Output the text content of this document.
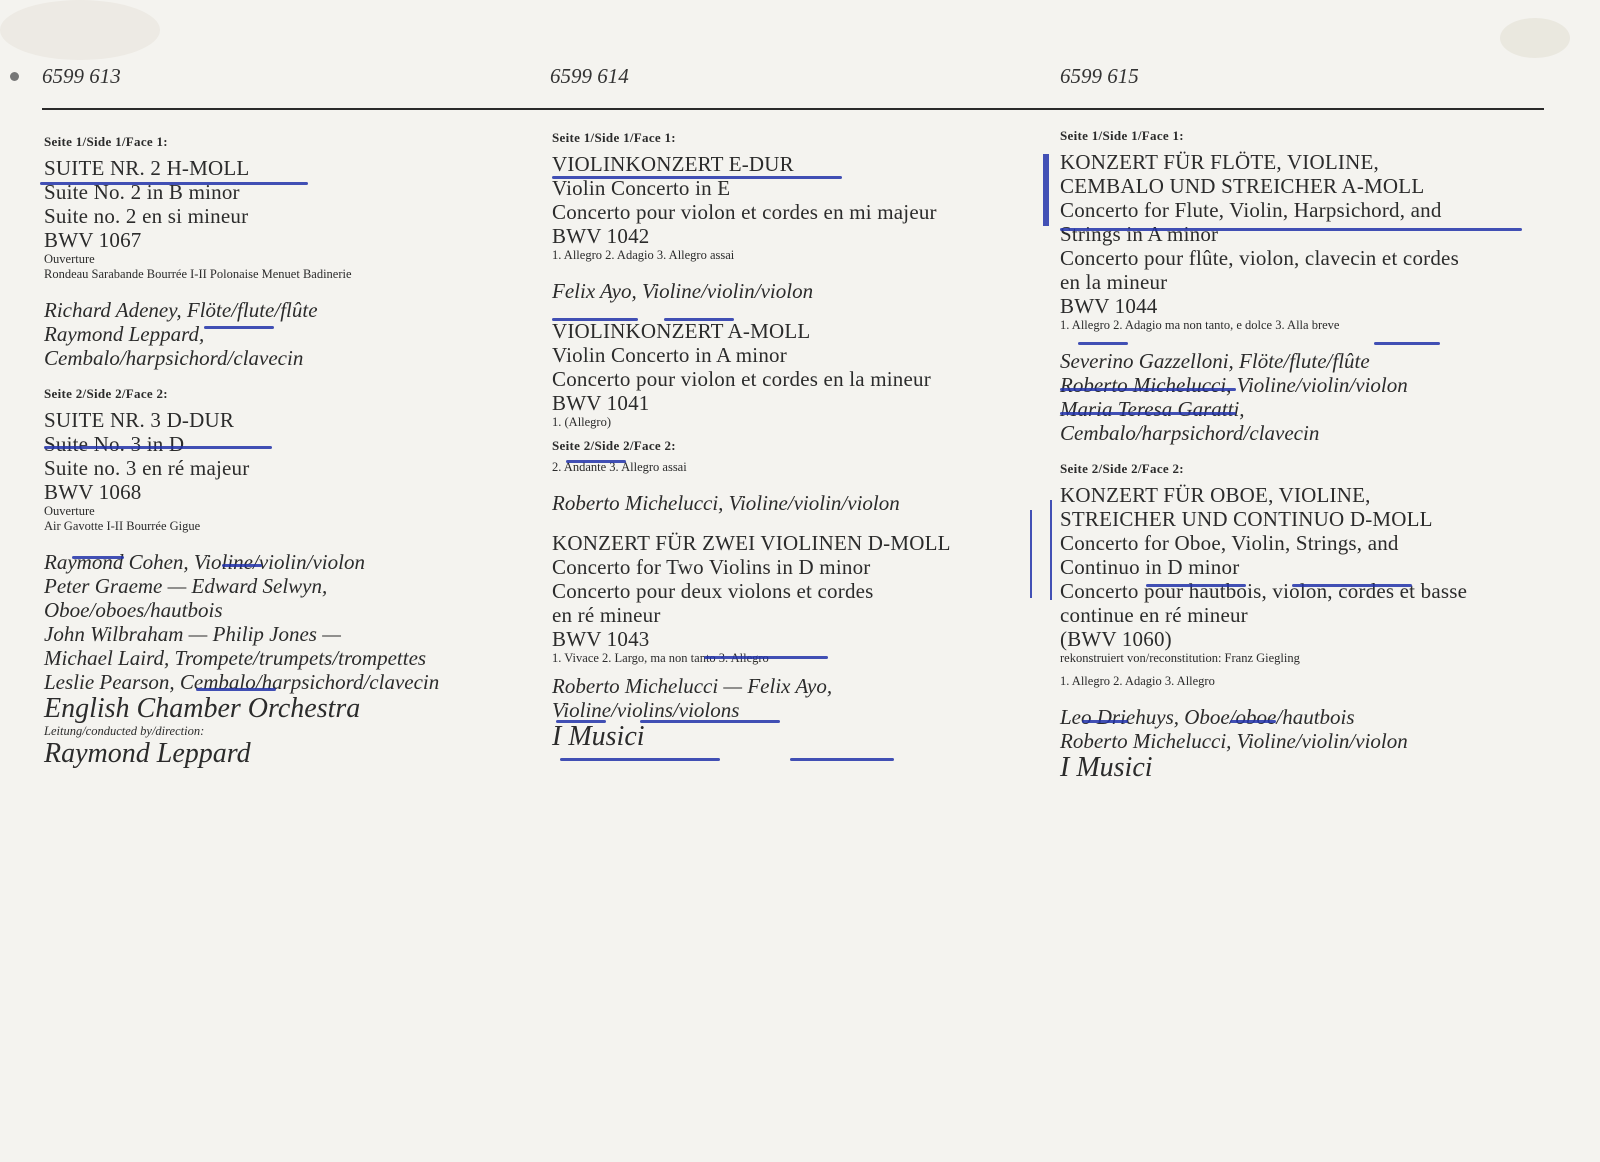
6599 613	6599 614	6599 615
Seite 1/Side 1/Face 1:
SUITE NR. 2 H-MOLL
Suite No. 2 in B minor
Suite no. 2 en si mineur
BWV 1067
Ouverture
Rondeau Sarabande Bourrée I-II Polonaise Menuet Badinerie
Richard Adeney, Flöte/flute/flûte
Raymond Leppard,
Cembalo/harpsichord/clavecin
Seite 2/Side 2/Face 2:
SUITE NR. 3 D-DUR
Suite No. 3 in D
Suite no. 3 en ré majeur
BWV 1068
Ouverture
Air Gavotte I-II Bourrée Gigue
Raymond Cohen, Violine/violin/violon
Peter Graeme — Edward Selwyn,
Oboe/oboes/hautbois
John Wilbraham — Philip Jones —
Michael Laird, Trompete/trumpets/trompettes
Leslie Pearson, Cembalo/harpsichord/clavecin
English Chamber Orchestra
Leitung/conducted by/direction:
Raymond Leppard
Seite 1/Side 1/Face 1:
VIOLINKONZERT E-DUR
Violin Concerto in E
Concerto pour violon et cordes en mi majeur
BWV 1042
1. Allegro 2. Adagio 3. Allegro assai
Felix Ayo, Violine/violin/violon
VIOLINKONZERT A-MOLL
Violin Concerto in A minor
Concerto pour violon et cordes en la mineur
BWV 1041
1. (Allegro)
Seite 2/Side 2/Face 2:
2. Andante 3. Allegro assai
Roberto Michelucci, Violine/violin/violon
KONZERT FÜR ZWEI VIOLINEN D-MOLL
Concerto for Two Violins in D minor
Concerto pour deux violons et cordes
en ré mineur
BWV 1043
1. Vivace 2. Largo, ma non tanto 3. Allegro
Roberto Michelucci — Felix Ayo,
Violine/violins/violons
I Musici
Seite 1/Side 1/Face 1:
KONZERT FÜR FLÖTE, VIOLINE,
CEMBALO UND STREICHER A-MOLL
Concerto for Flute, Violin, Harpsichord, and
Strings in A minor
Concerto pour flûte, violon, clavecin et cordes
en la mineur
BWV 1044
1. Allegro 2. Adagio ma non tanto, e dolce 3. Alla breve
Severino Gazzelloni, Flöte/flute/flûte
Roberto Michelucci, Violine/violin/violon
Maria Teresa Garatti,
Cembalo/harpsichord/clavecin
Seite 2/Side 2/Face 2:
KONZERT FÜR OBOE, VIOLINE,
STREICHER UND CONTINUO D-MOLL
Concerto for Oboe, Violin, Strings, and
Continuo in D minor
Concerto pour hautbois, violon, cordes et basse
continue en ré mineur
(BWV 1060)
rekonstruiert von/reconstitution: Franz Giegling
1. Allegro 2. Adagio 3. Allegro
Leo Driehuys, Oboe/oboe/hautbois
Roberto Michelucci, Violine/violin/violon
I Musici
